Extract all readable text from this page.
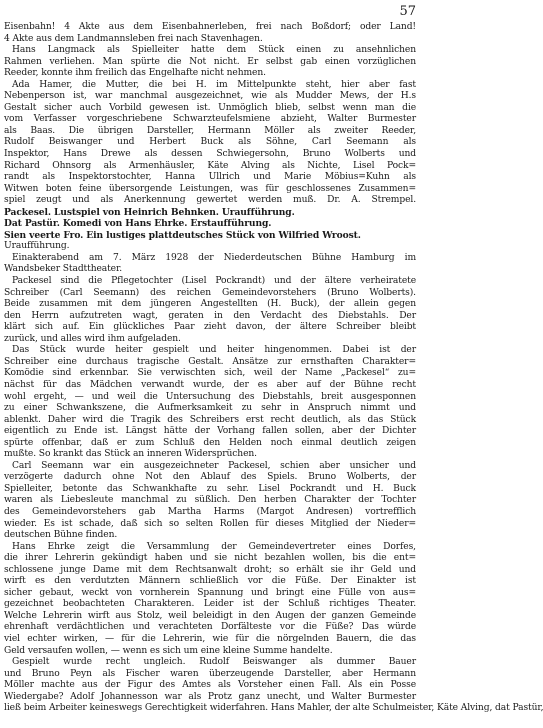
57
Eisenbahn! 4 Akte aus dem Eisenbahnerleben, frei nach Boßdorf; oder Land!
4 Akte aus dem Landmannsleben frei nach Stavenhagen.
Hans Langmack als Spielleiter hatte dem Stück einen zu ansehnlichen
Rahmen verliehen. Man spürte die Not nicht. Er selbst gab einen vorzüglichen
Reeder, konnte ihm freilich das Engelhafte nicht nehmen.
Ada Hamer, die Mutter, die bei H. im Mittelpunkte steht, hier aber fast
Nebenperson ist, war manchmal ausgezeichnet, wie als Mudder Mews, der H.s
Gestalt sicher auch Vorbild gewesen ist. Unmöglich blieb, selbst wenn man die
vom Verfasser vorgeschriebene Schwarzteufelsmiene abzieht, Walter Burmester
als Baas. Die übrigen Darsteller, Hermann Möller als zweiter Reeder,
Rudolf Beiswanger und Herbert Buck als Söhne, Carl Seemann als
Inspektor, Hans Drewe als dessen Schwiegersohn, Bruno Wolberts und
Richard Ohnsorg als Armenhäusler, Käte Alving als Nichte, Lisel Pock=
randt als Inspektorstochter, Hanna Ullrich und Marie Möbius=Kuhn als
Witwen boten feine übersorgende Leistungen, was für geschlossenes Zusammen=
spiel zeugt und als Anerkennung gewertet werden muß. Dr. A. Strempel.
Packesel. Lustspiel von Heinrich Behnken. Uraufführung.
Dat Pastür. Komedi von Hans Ehrke. Erstaufführung.
Sien veerte Fro. Ein lustiges plattdeutsches Stück von Wilfried Wroost.
Uraufführung.
Einakterabend am 7. März 1928 der Niederdeutschen Bühne Hamburg im
Wandsbeker Stadttheater.
Packesel sind die Pflegetochter (Lisel Pockrandt) und der ältere verheiratete
Schreiber (Carl Seemann) des reichen Gemeindevorstehers (Bruno Wolberts).
Beide zusammen mit dem jüngeren Angestellten (H. Buck), der allein gegen
den Herrn aufzutreten wagt, geraten in den Verdacht des Diebstahls. Der
klärt sich auf. Ein glückliches Paar zieht davon, der ältere Schreiber bleibt
zurück, und alles wird ihm aufgeladen.
Das Stück wurde heiter gespielt und heiter hingenommen. Dabei ist der
Schreiber eine durchaus tragische Gestalt. Ansätze zur ernsthaften Charakter=
Komödie sind erkennbar. Sie verwischten sich, weil der Name „Packesel“ zu=
nächst für das Mädchen verwandt wurde, der es aber auf der Bühne recht
wohl ergeht, — und weil die Untersuchung des Diebstahls, breit ausgesponnen
zu einer Schwankszene, die Aufmerksamkeit zu sehr in Anspruch nimmt und
ablenkt. Daher wird die Tragik des Schreibers erst recht deutlich, als das Stück
eigentlich zu Ende ist. Längst hätte der Vorhang fallen sollen, aber der Dichter
spürte offenbar, daß er zum Schluß den Helden noch einmal deutlich zeigen
mußte. So krankt das Stück an inneren Widersprüchen.
Carl Seemann war ein ausgezeichneter Packesel, schien aber unsicher und
verzögerte dadurch ohne Not den Ablauf des Spiels. Bruno Wolberts, der
Spielleiter, betonte das Schwankhafte zu sehr. Lisel Pockrandt und H. Buck
waren als Liebesleute manchmal zu süßlich. Den herben Charakter der Tochter
des Gemeindevorstehers gab Martha Harms (Margot Andresen) vortrefflich
wieder. Es ist schade, daß sich so selten Rollen für dieses Mitglied der Nieder=
deutschen Bühne finden.
Hans Ehrke zeigt die Versammlung der Gemeindevertreter eines Dorfes,
die ihrer Lehrerin gekündigt haben und sie nicht bezahlen wollen, bis die ent=
schlossene junge Dame mit dem Rechtsanwalt droht; so erhält sie ihr Geld und
wirft es den verdutzten Männern schließlich vor die Füße. Der Einakter ist
sicher gebaut, weckt von vornherein Spannung und bringt eine Fülle von aus=
gezeichnet beobachteten Charakteren. Leider ist der Schluß richtiges Theater.
Welche Lehrerin wirft aus Stolz, weil beleidigt in den Augen der ganzen Gemeinde
ehrenhaft verdächtlichen und verachteten Dorfälteste vor die Füße? Das würde
viel echter wirken, — für die Lehrerin, wie für die nörgelnden Bauern, die das
Geld versaufen wollen, — wenn es sich um eine kleine Summe handelte.
Gespielt wurde recht ungleich. Rudolf Beiswanger als dummer Bauer
und Bruno Peyn als Fischer waren überzeugende Darsteller, aber Hermann
Möller machte aus der Figur des Amtes als Vorsteher einen Fall. Als ein Posse
Wiedergabe? Adolf Johannesson war als Protz ganz unecht, und Walter Burmester
ließ beim Arbeiter keineswegs Gerechtigkeit widerfahren. Hans Mahler, der alte Schulmeister, Käte Alving, dat Pastür,
